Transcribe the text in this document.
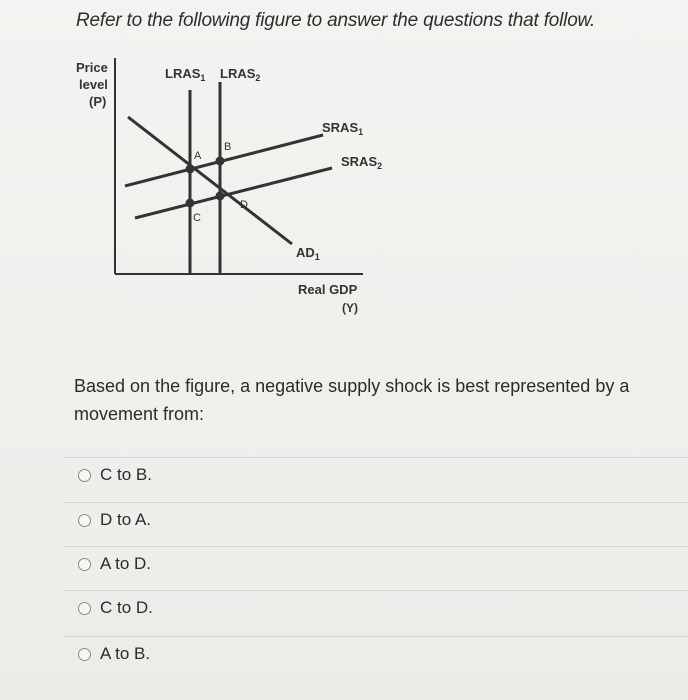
Refer to the following figure to answer the questions that follow.
Price
level
(P)
$LRAS_1$ $LRAS_2$
$SRAS_1$
$SRAS_2$
$AD_1$
A
B
C
D
Real GDP
(Y)
Based on the figure, a negative supply shock is best represented by a movement from:
C to B.
D to A.
A to D.
C to D.
A to B.
